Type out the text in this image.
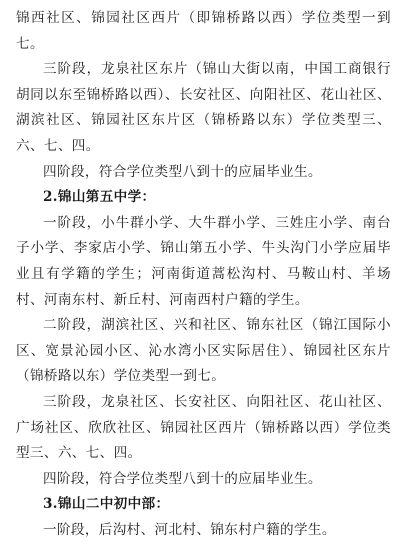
锦西社区、锦园社区西片（即锦桥路以西）学位类型一到七。

三阶段，龙泉社区东片（锦山大街以南，中国工商银行胡同以东至锦桥路以西）、长安社区、向阳社区、花山社区、湖滨社区、锦园社区东片区（锦桥路以东）学位类型三、六、七、四。

四阶段，符合学位类型八到十的应届毕业生。

2.锦山第五中学：

一阶段，小牛群小学、大牛群小学、三姓庄小学、南台子小学、李家店小学、锦山第五小学、牛头沟门小学应届毕业且有学籍的学生；河南街道蒿松沟村、马鞍山村、羊场村、河南东村、新丘村、河南西村户籍的学生。

二阶段，湖滨社区、兴和社区、锦东社区（锦江国际小区、宽景沁园小区、沁水湾小区实际居住）、锦园社区东片（锦桥路以东）学位类型一到七。

三阶段，龙泉社区、长安社区、向阳社区、花山社区、广场社区、欣欣社区、锦园社区西片（锦桥路以西）学位类型三、六、七、四。

四阶段，符合学位类型八到十的应届毕业生。

3.锦山二中初中部：

一阶段，后沟村、河北村、锦东村户籍的学生。
